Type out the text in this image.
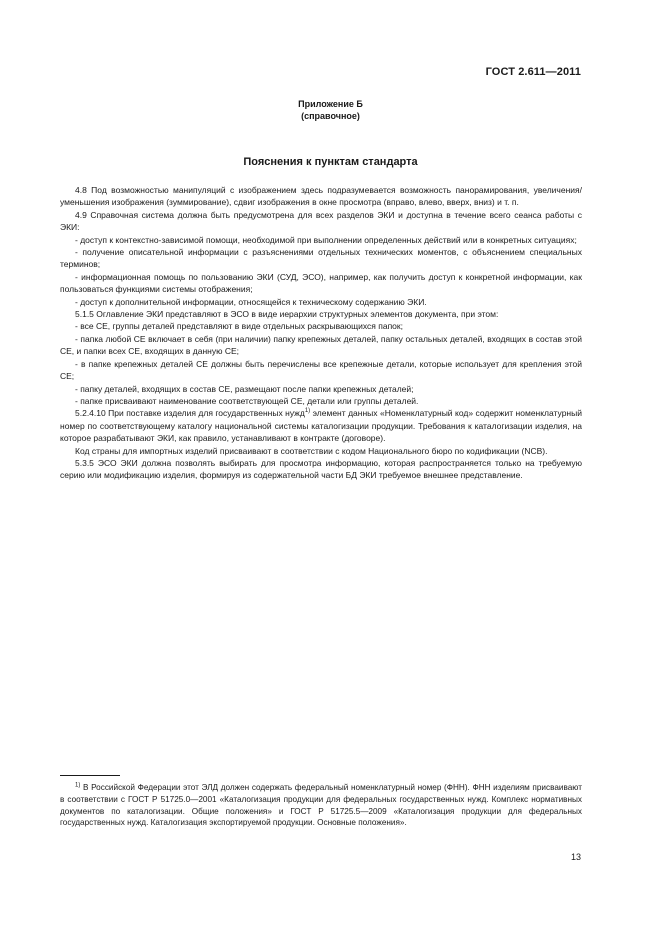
ГОСТ 2.611—2011
Приложение Б
(справочное)
Пояснения к пунктам стандарта

4.8 Под возможностью манипуляций с изображением здесь подразумевается возможность панорамирования, увеличения/уменьшения изображения (зуммирование), сдвиг изображения в окне просмотра (вправо, влево, вверх, вниз) и т. п.

4.9 Справочная система должна быть предусмотрена для всех разделов ЭКИ и доступна в течение всего сеанса работы с ЭКИ:

- доступ к контекстно-зависимой помощи, необходимой при выполнении определенных действий или в конкретных ситуациях;

- получение описательной информации с разъяснениями отдельных технических моментов, с объяснением специальных терминов;

- информационная помощь по пользованию ЭКИ (СУД, ЭСО), например, как получить доступ к конкретной информации, как пользоваться функциями системы отображения;

- доступ к дополнительной информации, относящейся к техническому содержанию ЭКИ.

5.1.5 Оглавление ЭКИ представляют в ЭСО в виде иерархии структурных элементов документа, при этом:

- все СЕ, группы деталей представляют в виде отдельных раскрывающихся папок;

- папка любой СЕ включает в себя (при наличии) папку крепежных деталей, папку остальных деталей, входящих в состав этой СЕ, и папки всех СЕ, входящих в данную СЕ;

- в папке крепежных деталей СЕ должны быть перечислены все крепежные детали, которые использует для крепления этой СЕ;

- папку деталей, входящих в состав СЕ, размещают после папки крепежных деталей;

- папке присваивают наименование соответствующей СЕ, детали или группы деталей.

5.2.4.10 При поставке изделия для государственных нужд$^{1)}$ элемент данных «Номенклатурный код» содержит номенклатурный номер по соответствующему каталогу национальной системы каталогизации продукции. Требования к каталогизации изделия, на которое разрабатывают ЭКИ, как правило, устанавливают в контракте (договоре).

Код страны для импортных изделий присваивают в соответствии с кодом Национального бюро по кодификации (NCB).

5.3.5 ЭСО ЭКИ должна позволять выбирать для просмотра информацию, которая распространяется только на требуемую серию или модификацию изделия, формируя из содержательной части БД ЭКИ требуемое внешнее представление.

$^{1)}$ В Российской Федерации этот ЭЛД должен содержать федеральный номенклатурный номер (ФНН). ФНН изделиям присваивают в соответствии с ГОСТ Р 51725.0—2001 «Каталогизация продукции для федеральных государственных нужд. Комплекс нормативных документов по каталогизации. Общие положения» и ГОСТ Р 51725.5—2009 «Каталогизация продукции для федеральных государственных нужд. Каталогизация экспортируемой продукции. Основные положения».

13
